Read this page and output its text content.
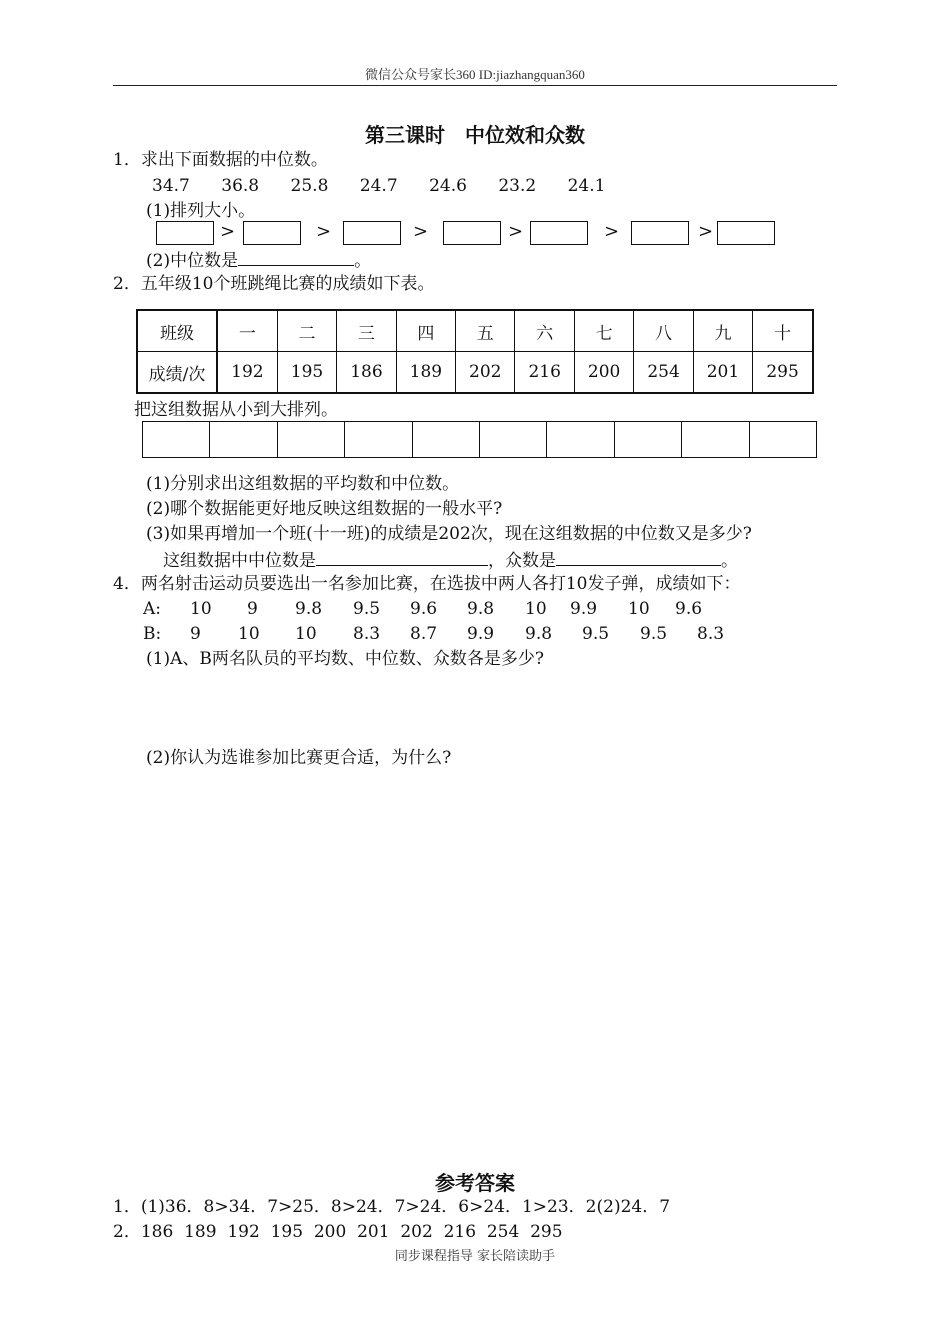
微信公众号家长360 ID:jiazhangquan360
第三课时　中位效和众数
1．求出下面数据的中位数。
34.7 36.8 25.8 24.7 24.6 23.2 24.1
(1)排列大小。
>	>	>	>	>	>
(2)中位数是	。
2．五年级10个班跳绳比赛的成绩如下表。
班级	一	二	三	四	五	六	七	八	九	十
成绩/次	192	195	186	189	202	216	200	254	201	295
把这组数据从小到大排列。

(1)分别求出这组数据的平均数和中位数。
(2)哪个数据能更好地反映这组数据的一般水平?
(3)如果再增加一个班(十一班)的成绩是202次，现在这组数据的中位数又是多少?
这组数据中中位数是	，众数是	。
4．两名射击运动员要选出一名参加比赛，在选拔中两人各打10发子弹，成绩如下：
A: 10 9 9.8 9.5 9.6 9.8 10 9.9 10 9.6
B: 9 10 10 8.3 8.7 9.9 9.8 9.5 9.5 8.3
(1)A、B两名队员的平均数、中位数、众数各是多少?
(2)你认为选谁参加比赛更合适，为什么?
参考答案
1．(1)36．8>34．7>25．8>24．7>24．6>24．1>23．2(2)24．7
2．186  189  192  195  200  201  202  216  254  295
同步课程指导 家长陪读助手
